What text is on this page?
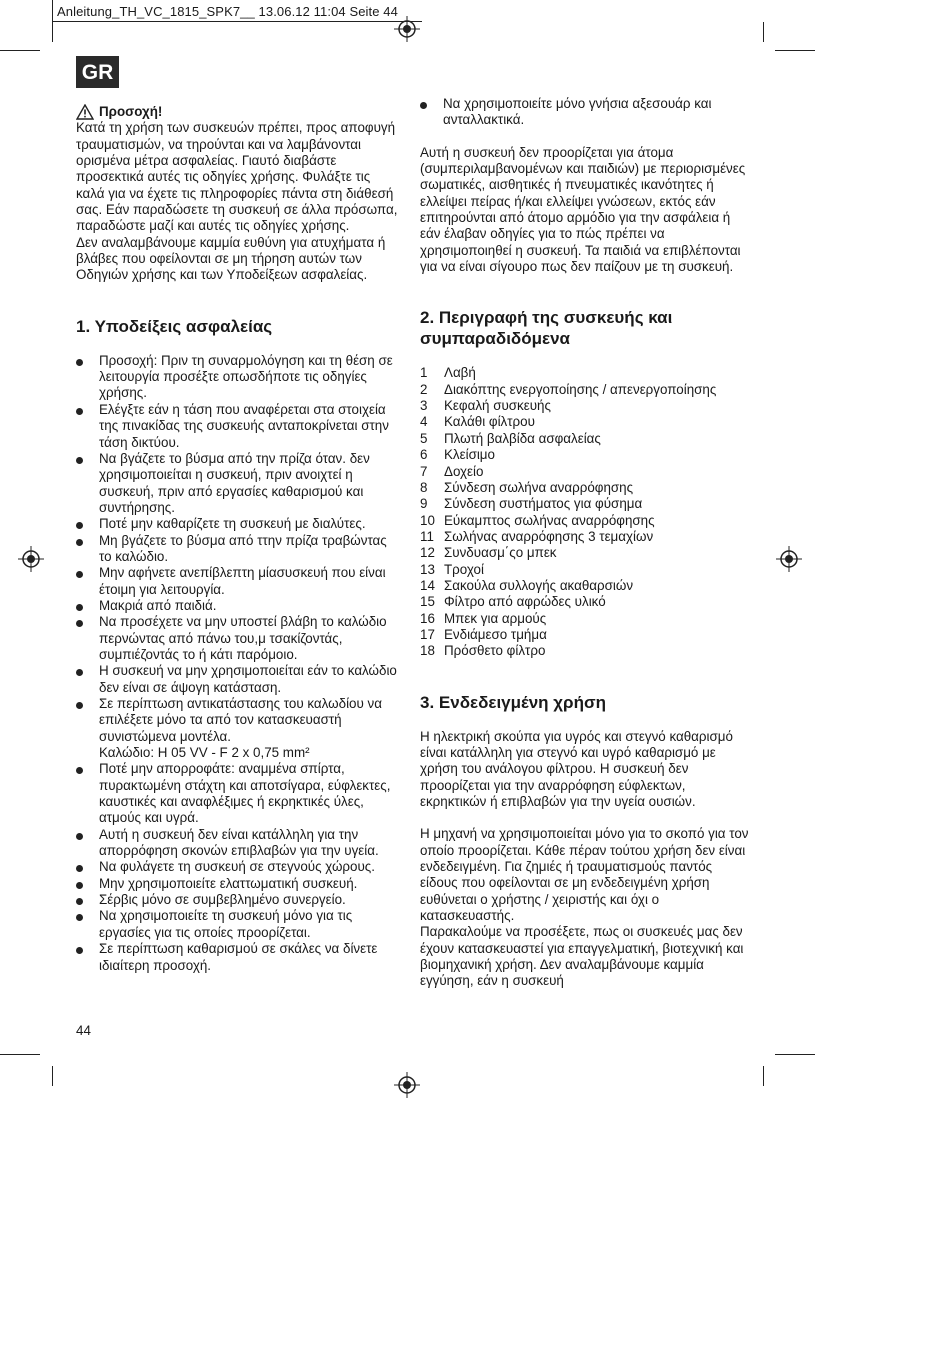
Anleitung_TH_VC_1815_SPK7__ 13.06.12 11:04 Seite 44
GR
Προσοχή!

Κατά τη χρήση των συσκευών πρέπει, προς αποφυγή τραυματισμών, να τηρούνται και να λαμβάνονται ορισμένα μέτρα ασφαλείας. Γιαυτό διαβάστε προσεκτικά αυτές τις οδηγίες χρήσης. Φυλάξτε τις καλά για να έχετε τις πληροφορίες πάντα στη διάθεσή σας. Εάν παραδώσετε τη συσκευή σε άλλα πρόσωπα, παραδώστε μαζί και αυτές τις οδηγίες χρήσης.

Δεν αναλαμβάνουμε καμμία ευθύνη για ατυχήματα ή βλάβες που οφείλονται σε μη τήρηση αυτών των Οδηγιών χρήσης και των Υποδείξεων ασφαλείας.

1. Υποδείξεις ασφαλείας
Προσοχή: Πριν τη συναρμολόγηση και τη θέση σε λειτουργία προσέξτε οπωσδήποτε τις οδηγίες χρήσης.
Ελέγξτε εάν η τάση που αναφέρεται στα στοιχεία της πινακίδας της συσκευής ανταποκρίνεται στην τάση δικτύου.
Να βγάζετε το βύσμα από την πρίζα όταν. δεν χρησιμοποιείται η συσκευή, πριν ανοιχτεί η συσκευή, πριν από εργασίες καθαρισμού και συντήρησης.
Ποτέ μην καθαρίζετε τη συσκευή με διαλύτες.
Μη βγάζετε το βύσμα από ττην πρίζα τραβώντας το καλώδιο.
Μην αφήνετε ανεπίβλεπτη μίασυσκευή που είναι έτοιμη για λειτουργία.
Μακριά από παιδιά.
Να προσέχετε να μην υποστεί βλάβη το καλώδιο περνώντας από πάνω του,μ τσακίζοντάς, συμπιέζοντάς το ή κάτι παρόμοιο.
Η συσκευή να μην χρησιμοποιείται εάν το καλώδιο δεν είναι σε άψογη κατάσταση.
Σε περίπτωση αντικατάστασης του καλωδίου να επιλέξετε μόνο τα από τον κατασκευαστή συνιστώμενα μοντέλα.
Καλώδιο: H 05 VV - F 2 x 0,75 mm²
Ποτέ μην απορροφάτε: αναμμένα σπίρτα, πυρακτωμένη στάχτη και αποτσίγαρα, εύφλεκτες, καυστικές και αναφλέξιμες ή εκρηκτικές ύλες, ατμούς και υγρά.
Αυτή η συσκευή δεν είναι κατάλληλη για την απορρόφηση σκονών επιβλαβών για την υγεία.
Να φυλάγετε τη συσκευή σε στεγνούς χώρους.
Μην χρησιμοποιείτε ελαττωματική συσκευή.
Σέρβις μόνο σε συμβεβλημένο συνεργείο.
Να χρησιμοποιείτε τη συσκευή μόνο για τις εργασίες για τις οποίες προορίζεται.
Σε περίπτωση καθαρισμού σε σκάλες να δίνετε ιδιαίτερη προσοχή.
Να χρησιμοποιείτε μόνο γνήσια αξεσουάρ και ανταλλακτικά.

Αυτή η συσκευή δεν προορίζεται για άτομα (συμπεριλαμβανομένων και παιδιών) με περιορισμένες σωματικές, αισθητικές ή πνευματικές ικανότητες ή ελλείψει πείρας ή/και ελλείψει γνώσεων, εκτός εάν επιτηρούνται από άτομο αρμόδιο για την ασφάλεια ή εάν έλαβαν οδηγίες για το πώς πρέπει να χρησιμοποιηθεί η συσκευή. Τα παιδιά να επιβλέπονται για να είναι σίγουρο πως δεν παίζουν με τη συσκευή.

2. Περιγραφή της συσκευής και συμπαραδιδόμενα
1	Λαβή
2	Διακόπτης ενεργοποίησης / απενεργοποίησης
3	Κεφαλή συσκευής
4	Καλάθι φίλτρου
5	Πλωτή βαλβίδα ασφαλείας
6	Κλείσιμο
7	Δοχείο
8	Σύνδεση σωλήνα αναρρόφησης
9	Σύνδεση συστήματος για φύσημα
10 Εύκαμπτος σωλήνας αναρρόφησης
11 Σωλήνας αναρρόφησης 3 τεμαχίων
12 Συνδυασμ΄ςο μπεκ
13 Τροχοί
14 Σακούλα συλλογής ακαθαρσιών
15 Φίλτρο από αφρώδες υλικό
16 Μπεκ για αρμούς
17 Ενδιάμεσο τμήμα
18 Πρόσθετο φίλτρο
3. Ενδεδειγμένη χρήση

Η ηλεκτρική σκούπα για υγρός και στεγνό καθαρισμό είναι κατάλληλη για στεγνό και υγρό καθαρισμό με χρήση του ανάλογου φίλτρου. Η συσκευή δεν προορίζεται για την αναρρόφηση εύφλεκτων, εκρηκτικών ή επιβλαβών για την υγεία ουσιών.

Η μηχανή να χρησιμοποιείται μόνο για το σκοπό για τον οποίο προορίζεται. Κάθε πέραν τούτου χρήση δεν είναι ενδεδειγμένη. Για ζημιές ή τραυματισμούς παντός είδους που οφείλονται σε μη ενδεδειγμένη χρήση ευθύνεται ο χρήστης / χειριστής και όχι ο κατασκευαστής.

Παρακαλούμε να προσέξετε, πως οι συσκευές μας δεν έχουν κατασκευαστεί για επαγγελματική, βιοτεχνική και βιομηχανική χρήση. Δεν αναλαμβάνουμε καμμία εγγύηση, εάν η συσκευή

44
